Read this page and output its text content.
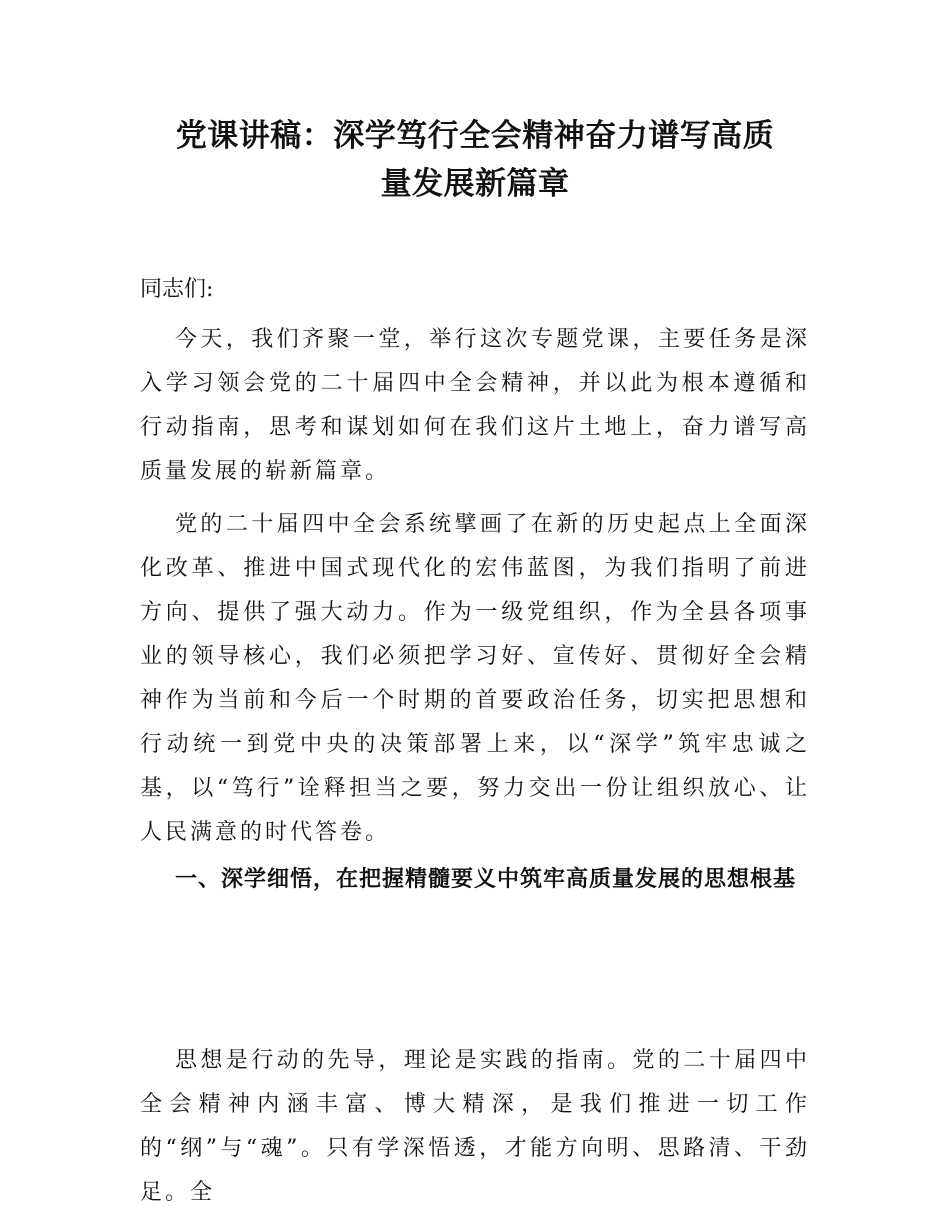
党课讲稿：深学笃行全会精神奋力谱写高质
量发展新篇章

同志们:

今天，我们齐聚一堂，举行这次专题党课，主要任务是深入学习领会党的二十届四中全会精神，并以此为根本遵循和行动指南，思考和谋划如何在我们这片土地上，奋力谱写高质量发展的崭新篇章。

党的二十届四中全会系统擘画了在新的历史起点上全面深化改革、推进中国式现代化的宏伟蓝图，为我们指明了前进方向、提供了强大动力。作为一级党组织，作为全县各项事业的领导核心，我们必须把学习好、宣传好、贯彻好全会精神作为当前和今后一个时期的首要政治任务，切实把思想和行动统一到党中央的决策部署上来，以“深学”筑牢忠诚之基，以“笃行”诠释担当之要，努力交出一份让组织放心、让人民满意的时代答卷。

一、深学细悟，在把握精髓要义中筑牢高质量发展的思想根基

思想是行动的先导，理论是实践的指南。党的二十届四中全会精神内涵丰富、博大精深，是我们推进一切工作的“纲”与“魂”。只有学深悟透，才能方向明、思路清、干劲足。全
